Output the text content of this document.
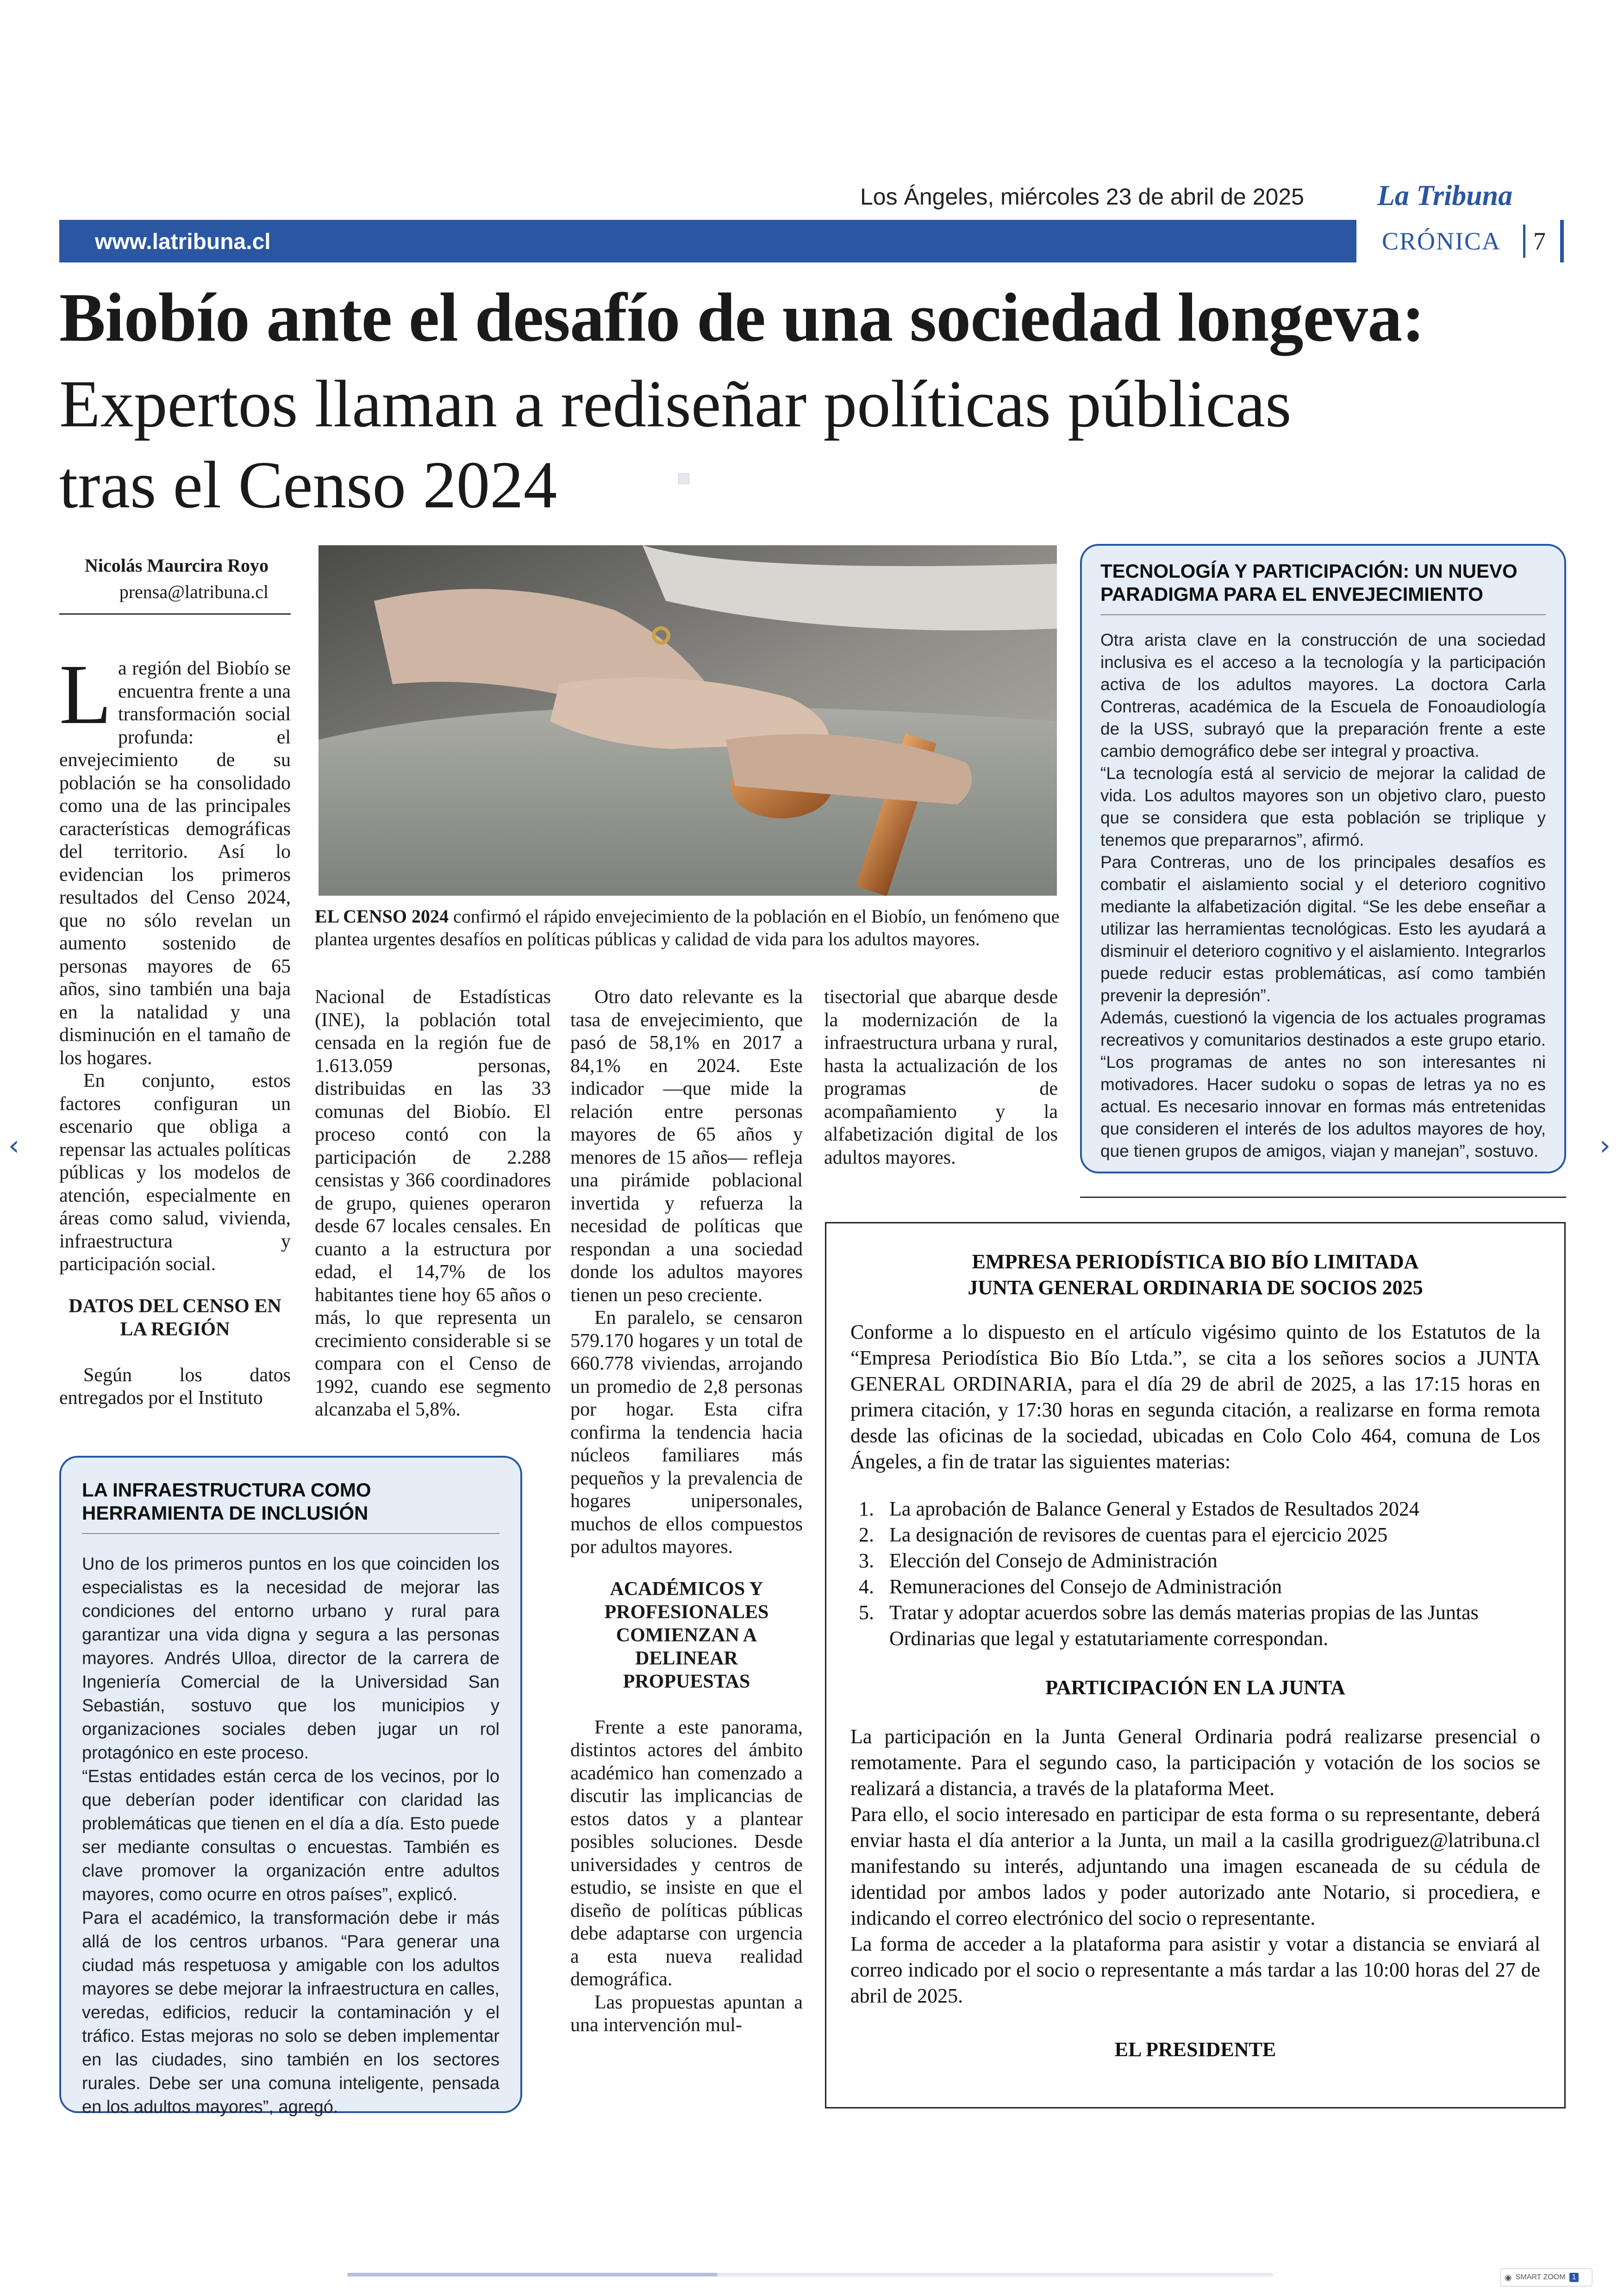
Los Ángeles, miércoles 23 de abril de 2025	La Tribuna
www.latribuna.cl	CRÓNICA 7
Biobío ante el desafío de una sociedad longeva:
Expertos llaman a rediseñar políticas públicas
tras el Censo 2024
Nicolás Maurcira Royo
prensa@latribuna.cl
EL CENSO 2024 confirmó el rápido envejecimiento de la población en el Biobío, un fenómeno que plantea urgentes desafíos en políticas públicas y calidad de vida para los adultos mayores.

La región del Biobío se encuentra frente a una transformación social profunda: el envejecimiento de su población se ha consolidado como una de las principales características demográficas del territorio. Así lo evidencian los primeros resultados del Censo 2024, que no sólo revelan un aumento sostenido de personas mayores de 65 años, sino también una baja en la natalidad y una disminución en el tamaño de los hogares.

En conjunto, estos factores configuran un escenario que obliga a repensar las actuales políticas públicas y los modelos de atención, especialmente en áreas como salud, vivienda, infraestructura y participación social.

DATOS DEL CENSO EN LA REGIÓN

Según los datos entregados por el Instituto

Nacional de Estadísticas (INE), la población total censada en la región fue de 1.613.059 personas, distribuidas en las 33 comunas del Biobío. El proceso contó con la participación de 2.288 censistas y 366 coordinadores de grupo, quienes operaron desde 67 locales censales. En cuanto a la estructura por edad, el 14,7% de los habitantes tiene hoy 65 años o más, lo que representa un crecimiento considerable si se compara con el Censo de 1992, cuando ese segmento alcanzaba el 5,8%.

Otro dato relevante es la tasa de envejecimiento, que pasó de 58,1% en 2017 a 84,1% en 2024. Este indicador —que mide la relación entre personas mayores de 65 años y menores de 15 años— refleja una pirámide poblacional invertida y refuerza la necesidad de políticas que respondan a una sociedad donde los adultos mayores tienen un peso creciente.

En paralelo, se censaron 579.170 hogares y un total de 660.778 viviendas, arrojando un promedio de 2,8 personas por hogar. Esta cifra confirma la tendencia hacia núcleos familiares más pequeños y la prevalencia de hogares unipersonales, muchos de ellos compuestos por adultos mayores.

ACADÉMICOS Y PROFESIONALES COMIENZAN A DELINEAR PROPUESTAS

Frente a este panorama, distintos actores del ámbito académico han comenzado a discutir las implicancias de estos datos y a plantear posibles soluciones. Desde universidades y centros de estudio, se insiste en que el diseño de políticas públicas debe adaptarse con urgencia a esta nueva realidad demográfica.

Las propuestas apuntan a una intervención mul-

tisectorial que abarque desde la modernización de la infraestructura urbana y rural, hasta la actualización de los programas de acompañamiento y la alfabetización digital de los adultos mayores.

TECNOLOGÍA Y PARTICIPACIÓN: UN NUEVO PARADIGMA PARA EL ENVEJECIMIENTO

Otra arista clave en la construcción de una sociedad inclusiva es el acceso a la tecnología y la participación activa de los adultos mayores. La doctora Carla Contreras, académica de la Escuela de Fonoaudiología de la USS, subrayó que la preparación frente a este cambio demográfico debe ser integral y proactiva.

“La tecnología está al servicio de mejorar la calidad de vida. Los adultos mayores son un objetivo claro, puesto que se considera que esta población se triplique y tenemos que prepararnos”, afirmó.

Para Contreras, uno de los principales desafíos es combatir el aislamiento social y el deterioro cognitivo mediante la alfabetización digital. “Se les debe enseñar a utilizar las herramientas tecnológicas. Esto les ayudará a disminuir el deterioro cognitivo y el aislamiento. Integrarlos puede reducir estas problemáticas, así como también prevenir la depresión”.

Además, cuestionó la vigencia de los actuales programas recreativos y comunitarios destinados a este grupo etario. “Los programas de antes no son interesantes ni motivadores. Hacer sudoku o sopas de letras ya no es actual. Es necesario innovar en formas más entretenidas que consideren el interés de los adultos mayores de hoy, que tienen grupos de amigos, viajan y manejan”, sostuvo.

LA INFRAESTRUCTURA COMO HERRAMIENTA DE INCLUSIÓN

Uno de los primeros puntos en los que coinciden los especialistas es la necesidad de mejorar las condiciones del entorno urbano y rural para garantizar una vida digna y segura a las personas mayores. Andrés Ulloa, director de la carrera de Ingeniería Comercial de la Universidad San Sebastián, sostuvo que los municipios y organizaciones sociales deben jugar un rol protagónico en este proceso.

“Estas entidades están cerca de los vecinos, por lo que deberían poder identificar con claridad las problemáticas que tienen en el día a día. Esto puede ser mediante consultas o encuestas. También es clave promover la organización entre adultos mayores, como ocurre en otros países”, explicó.

Para el académico, la transformación debe ir más allá de los centros urbanos. “Para generar una ciudad más respetuosa y amigable con los adultos mayores se debe mejorar la infraestructura en calles, veredas, edificios, reducir la contaminación y el tráfico. Estas mejoras no solo se deben implementar en las ciudades, sino también en los sectores rurales. Debe ser una comuna inteligente, pensada en los adultos mayores”, agregó.

EMPRESA PERIODÍSTICA BIO BÍO LIMITADA
JUNTA GENERAL ORDINARIA DE SOCIOS 2025
Conforme a lo dispuesto en el artículo vigésimo quinto de los Estatutos de la “Empresa Periodística Bio Bío Ltda.”, se cita a los señores socios a JUNTA GENERAL ORDINARIA, para el día 29 de abril de 2025, a las 17:15 horas en primera citación, y 17:30 horas en segunda citación, a realizarse en forma remota desde las oficinas de la sociedad, ubicadas en Colo Colo 464, comuna de Los Ángeles, a fin de tratar las siguientes materias:
1. La aprobación de Balance General y Estados de Resultados 2024
2. La designación de revisores de cuentas para el ejercicio 2025
3. Elección del Consejo de Administración
4. Remuneraciones del Consejo de Administración
5. Tratar y adoptar acuerdos sobre las demás materias propias de las Juntas Ordinarias que legal y estatutariamente correspondan.
PARTICIPACIÓN EN LA JUNTA
La participación en la Junta General Ordinaria podrá realizarse presencial o remotamente. Para el segundo caso, la participación y votación de los socios se realizará a distancia, a través de la plataforma Meet.
Para ello, el socio interesado en participar de esta forma o su representante, deberá enviar hasta el día anterior a la Junta, un mail a la casilla grodriguez@latribuna.cl manifestando su interés, adjuntando una imagen escaneada de su cédula de identidad por ambos lados y poder autorizado ante Notario, si procediera, e indicando el correo electrónico del socio o representante.
La forma de acceder a la plataforma para asistir y votar a distancia se enviará al correo indicado por el socio o representante a más tardar a las 10:00 horas del 27 de abril de 2025.
EL PRESIDENTE
‹	›
◉ SMART ZOOM 1
